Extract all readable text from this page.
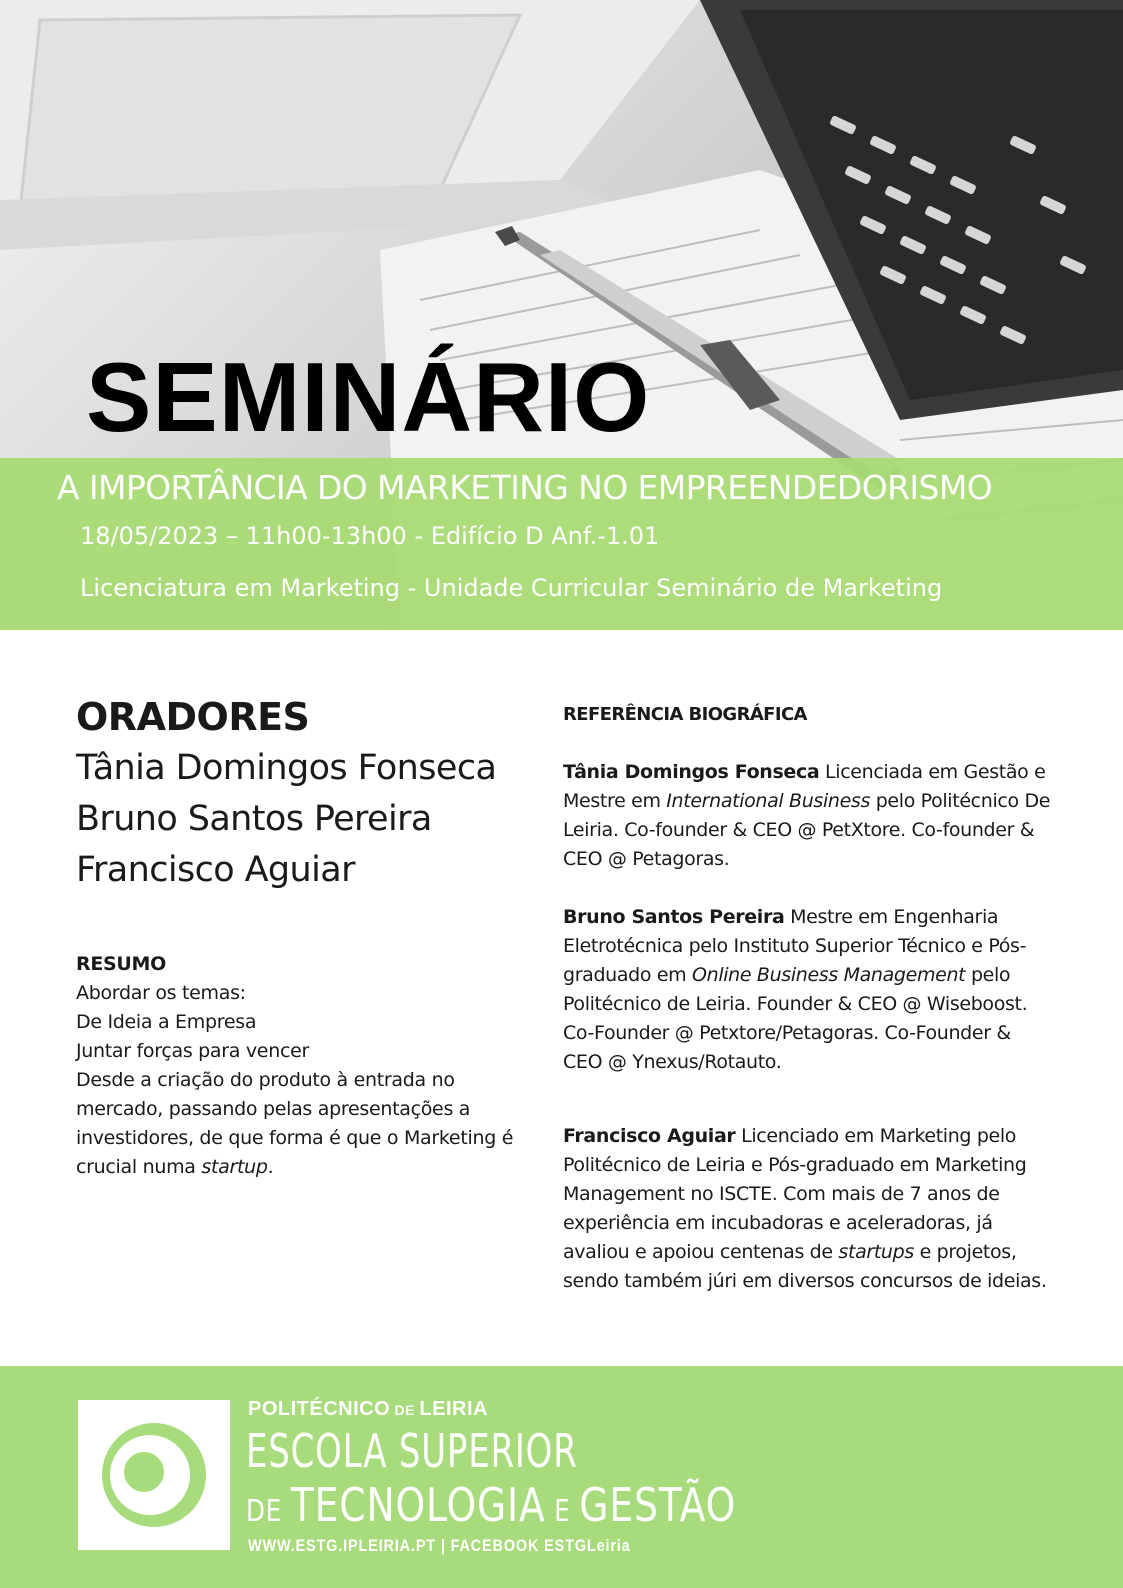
SEMINÁRIO
A IMPORTÂNCIA DO MARKETING NO EMPREENDEDORISMO
18/05/2023 – 11h00-13h00 - Edifício D Anf.-1.01
Licenciatura em Marketing - Unidade Curricular Seminário de Marketing
ORADORES
Tânia Domingos Fonseca
Bruno Santos Pereira
Francisco Aguiar
RESUMO
Abordar os temas:
De Ideia a Empresa
Juntar forças para vencer
Desde a criação do produto à entrada no mercado, passando pelas apresentações a investidores, de que forma é que o Marketing é crucial numa startup.
REFERÊNCIA BIOGRÁFICA
Tânia Domingos Fonseca Licenciada em Gestão e Mestre em International Business pelo Politécnico De Leiria. Co-founder & CEO @ PetXtore. Co-founder & CEO @ Petagoras.
Bruno Santos Pereira Mestre em Engenharia Eletrotécnica pelo Instituto Superior Técnico e Pós-graduado em Online Business Management pelo Politécnico de Leiria. Founder & CEO @ Wiseboost. Co-Founder @ Petxtore/Petagoras. Co-Founder & CEO @ Ynexus/Rotauto.
Francisco Aguiar Licenciado em Marketing pelo Politécnico de Leiria e Pós-graduado em Marketing Management no ISCTE. Com mais de 7 anos de experiência em incubadoras e aceleradoras, já avaliou e apoiou centenas de startups e projetos, sendo também júri em diversos concursos de ideias.
POLITÉCNICO DE LEIRIA
ESCOLA SUPERIOR
DE TECNOLOGIA E GESTÃO
WWW.ESTG.IPLEIRIA.PT | FACEBOOK ESTGLeiria
